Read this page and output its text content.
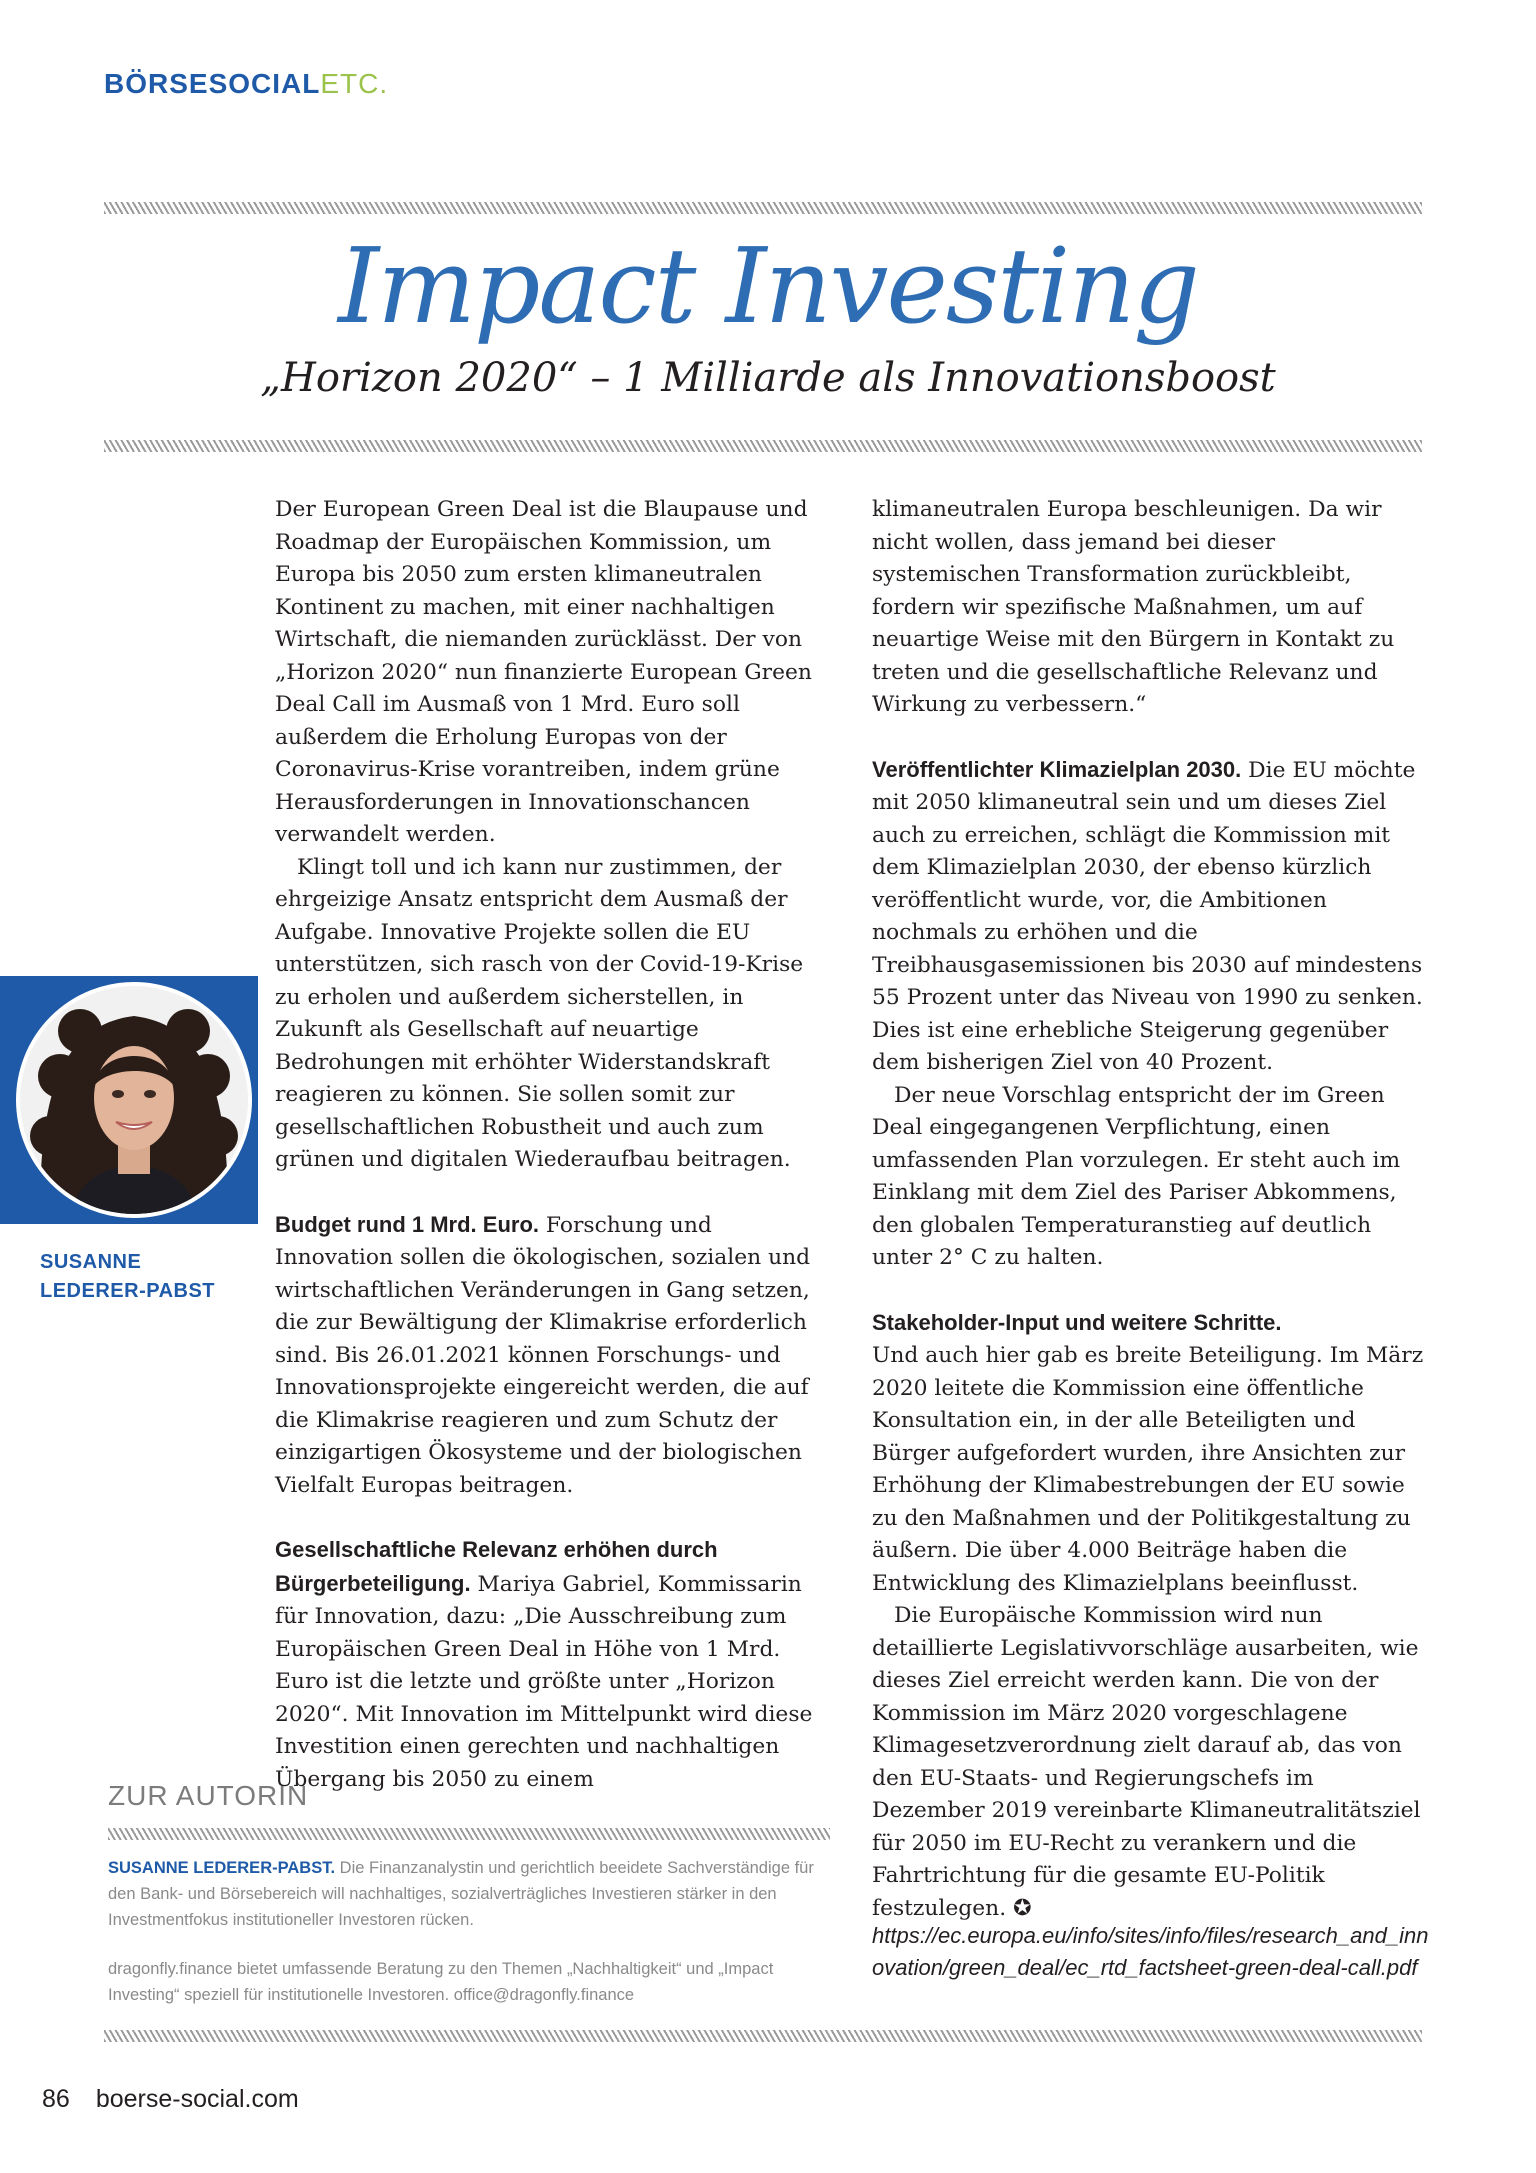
BÖRSESOCIALETC.
Impact Investing
„Horizon 2020“ – 1 Milliarde als Innovationsboost
SUSANNE
LEDERER-PABST

Der European Green Deal ist die Blaupause und Roadmap der Europäischen Kommission, um Europa bis 2050 zum ersten klimaneutralen Kontinent zu machen, mit einer nachhaltigen Wirtschaft, die niemanden zurücklässt. Der von „Horizon 2020“ nun finanzierte European Green Deal Call im Ausmaß von 1 Mrd. Euro soll außerdem die Erholung Europas von der Coronavirus-Krise vorantreiben, indem grüne Herausforderungen in Innovationschancen verwandelt werden.

Klingt toll und ich kann nur zustimmen, der ehrgeizige Ansatz entspricht dem Ausmaß der Aufgabe. Innovative Projekte sollen die EU unterstützen, sich rasch von der Covid-19-Krise zu erholen und außerdem sicherstellen, in Zukunft als Gesellschaft auf neuartige Bedrohungen mit erhöhter Widerstandskraft reagieren zu können. Sie sollen somit zur gesellschaftlichen Robustheit und auch zum grünen und digitalen Wiederaufbau beitragen.

Budget rund 1 Mrd. Euro. Forschung und Innovation sollen die ökologischen, sozialen und wirtschaftlichen Veränderungen in Gang setzen, die zur Bewältigung der Klimakrise erforderlich sind. Bis 26.01.2021 können Forschungs- und Innovationsprojekte eingereicht werden, die auf die Klimakrise reagieren und zum Schutz der einzigartigen Ökosysteme und der biologischen Vielfalt Europas beitragen.

Gesellschaftliche Relevanz erhöhen durch Bürgerbeteiligung. Mariya Gabriel, Kommissarin für Innovation, dazu: „Die Ausschreibung zum Europäischen Green Deal in Höhe von 1 Mrd. Euro ist die letzte und größte unter „Horizon 2020“. Mit Innovation im Mittelpunkt wird diese Investition einen gerechten und nachhaltigen Übergang bis 2050 zu einem

klimaneutralen Europa beschleunigen. Da wir nicht wollen, dass jemand bei dieser systemischen Transformation zurückbleibt, fordern wir spezifische Maßnahmen, um auf neuartige Weise mit den Bürgern in Kontakt zu treten und die gesellschaftliche Relevanz und Wirkung zu verbessern.“

Veröffentlichter Klimazielplan 2030. Die EU möchte mit 2050 klimaneutral sein und um dieses Ziel auch zu erreichen, schlägt die Kommission mit dem Klimazielplan 2030, der ebenso kürzlich veröffentlicht wurde, vor, die Ambitionen nochmals zu erhöhen und die Treibhausgasemissionen bis 2030 auf mindestens 55 Prozent unter das Niveau von 1990 zu senken. Dies ist eine erhebliche Steigerung gegenüber dem bisherigen Ziel von 40 Prozent.

Der neue Vorschlag entspricht der im Green Deal eingegangenen Verpflichtung, einen umfassenden Plan vorzulegen. Er steht auch im Einklang mit dem Ziel des Pariser Abkommens, den globalen Temperaturanstieg auf deutlich unter 2° C zu halten.

Stakeholder-Input und weitere Schritte.

Und auch hier gab es breite Beteiligung. Im März 2020 leitete die Kommission eine öffentliche Konsultation ein, in der alle Beteiligten und Bürger aufgefordert wurden, ihre Ansichten zur Erhöhung der Klimabestrebungen der EU sowie zu den Maßnahmen und der Politikgestaltung zu äußern. Die über 4.000 Beiträge haben die Entwicklung des Klimazielplans beeinflusst.

Die Europäische Kommission wird nun detaillierte Legislativvorschläge ausarbeiten, wie dieses Ziel erreicht werden kann. Die von der Kommission im März 2020 vorgeschlagene Klimagesetzverordnung zielt darauf ab, das von den EU-Staats- und Regierungschefs im Dezember 2019 vereinbarte Klimaneutralitätsziel für 2050 im EU-Recht zu verankern und die Fahrtrichtung für die gesamte EU-Politik festzulegen. ✪

https://ec.europa.eu/info/sites/info/files/research_and_innovation/green_deal/ec_rtd_factsheet-green-deal-call.pdf
ZUR AUTORIN

SUSANNE LEDERER-PABST. Die Finanzanalystin und gerichtlich beeidete Sachverständige für den Bank- und Börsebereich will nachhaltiges, sozialverträgliches Investieren stärker in den Investmentfokus institutioneller Investoren rücken.

dragonfly.finance bietet umfassende Beratung zu den Themen „Nachhaltigkeit“ und „Impact Investing“ speziell für institutionelle Investoren. office@dragonfly.finance

86 boerse-social.com
